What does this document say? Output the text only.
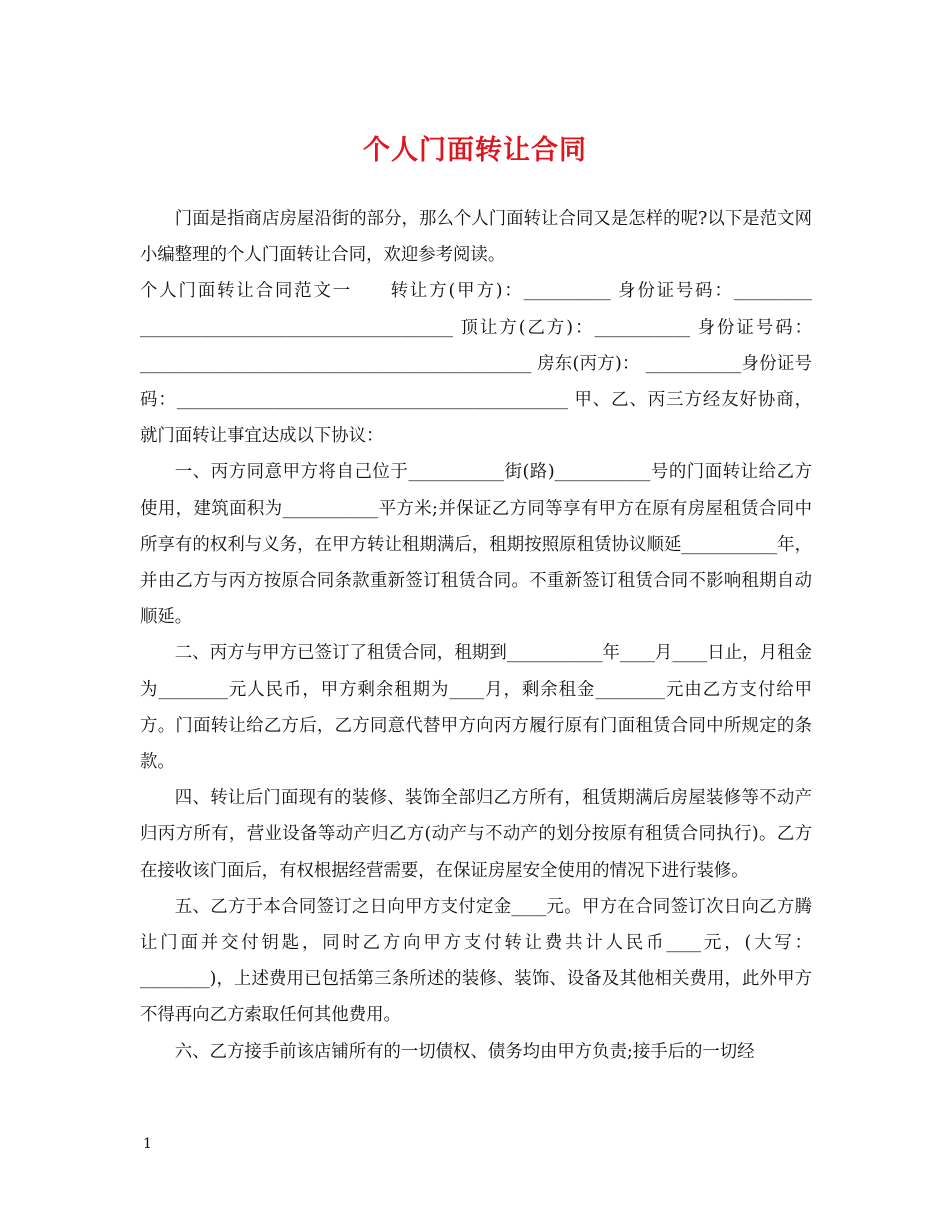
个人门面转让合同

门面是指商店房屋沿街的部分，那么个人门面转让合同又是怎样的呢?以下是范文网小编整理的个人门面转让合同，欢迎参考阅读。

个人门面转让合同范文一　　转让方(甲方)：__________ 身份证号码：_________ ____________________________________ 顶让方(乙方)：___________ 身份证号码：_____________________________________________ 房东(丙方)： ___________身份证号码：_____________________________________________ 甲、乙、丙三方经友好协商，就门面转让事宜达成以下协议：

一、丙方同意甲方将自己位于___________街(路)___________号的门面转让给乙方使用，建筑面积为___________平方米;并保证乙方同等享有甲方在原有房屋租赁合同中所享有的权利与义务，在甲方转让租期满后，租期按照原租赁协议顺延___________年，并由乙方与丙方按原合同条款重新签订租赁合同。不重新签订租赁合同不影响租期自动顺延。

二、丙方与甲方已签订了租赁合同，租期到___________年____月____日止，月租金为________元人民币，甲方剩余租期为____月，剩余租金________元由乙方支付给甲方。门面转让给乙方后，乙方同意代替甲方向丙方履行原有门面租赁合同中所规定的条款。

四、转让后门面现有的装修、装饰全部归乙方所有，租赁期满后房屋装修等不动产归丙方所有，营业设备等动产归乙方(动产与不动产的划分按原有租赁合同执行)。乙方在接收该门面后，有权根据经营需要，在保证房屋安全使用的情况下进行装修。

五、乙方于本合同签订之日向甲方支付定金____元。甲方在合同签订次日向乙方腾让门面并交付钥匙，同时乙方向甲方支付转让费共计人民币____元，(大写：________)，上述费用已包括第三条所述的装修、装饰、设备及其他相关费用，此外甲方不得再向乙方索取任何其他费用。

六、乙方接手前该店铺所有的一切债权、债务均由甲方负责;接手后的一切经

1
